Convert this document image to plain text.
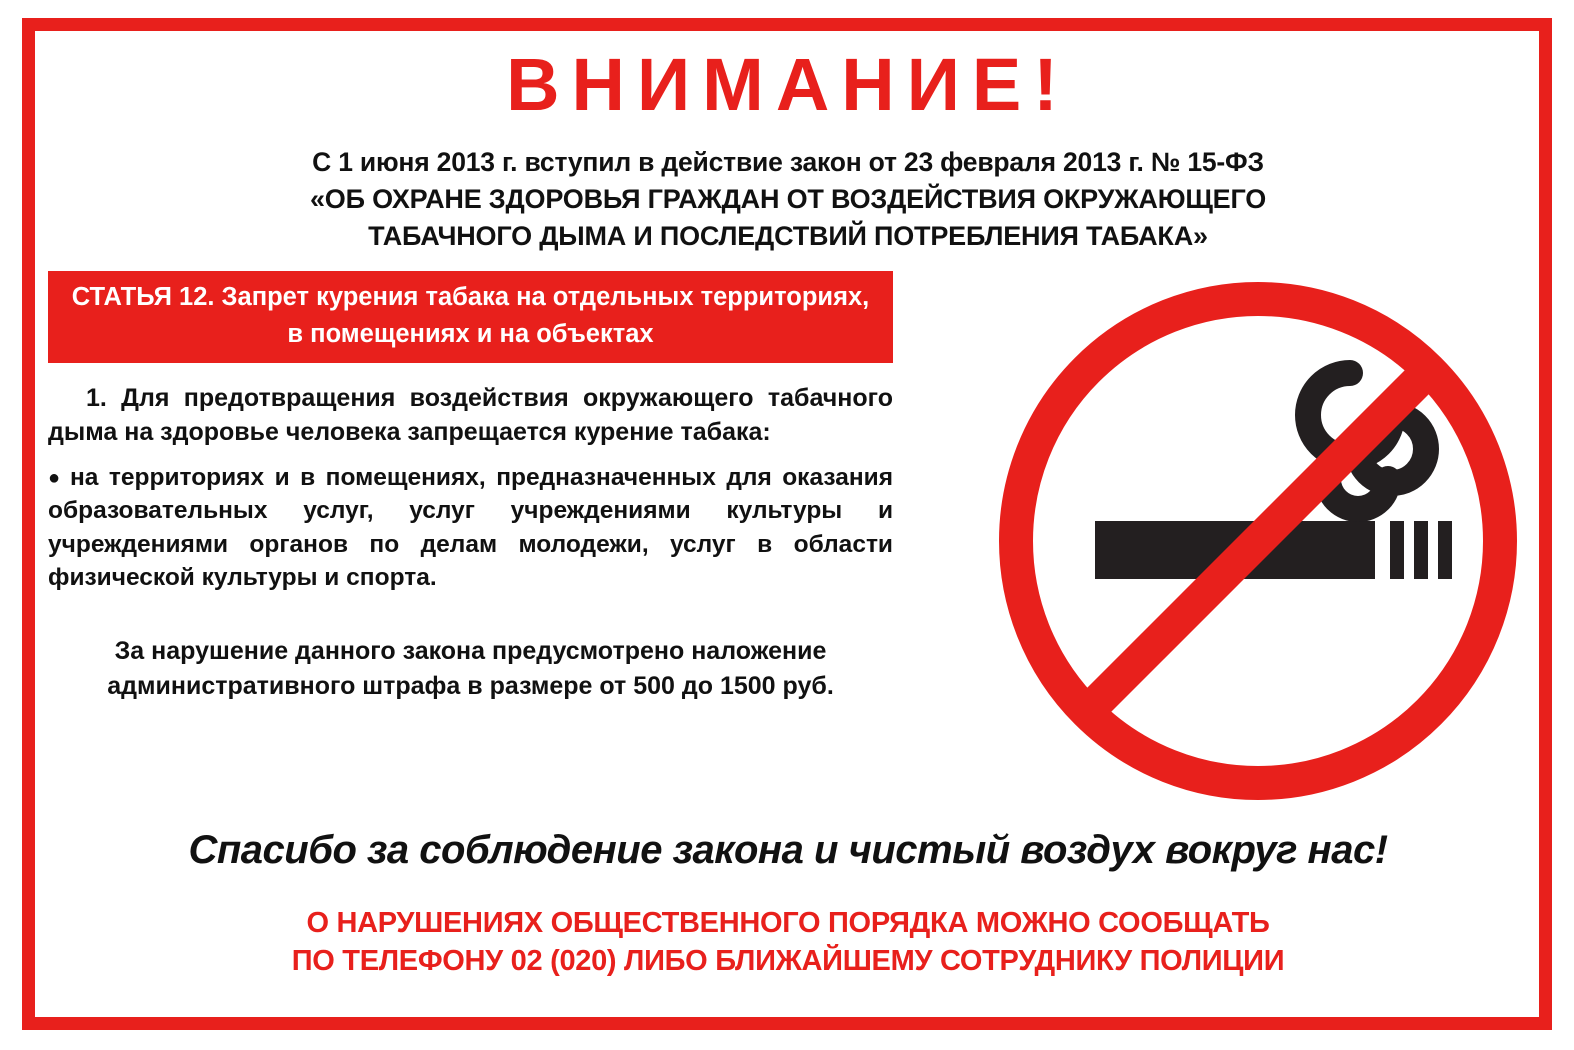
ВНИМАНИЕ!
С 1 июня 2013 г. вступил в действие закон от 23 февраля 2013 г. № 15-ФЗ
«ОБ ОХРАНЕ ЗДОРОВЬЯ ГРАЖДАН ОТ ВОЗДЕЙСТВИЯ ОКРУЖАЮЩЕГО
ТАБАЧНОГО ДЫМА И ПОСЛЕДСТВИЙ ПОТРЕБЛЕНИЯ ТАБАКА»
СТАТЬЯ 12. Запрет курения табака на отдельных территориях, в помещениях и на объектах
1. Для предотвращения воздействия окружающего табачного дыма на здоровье человека запрещается курение табака:
● на территориях и в помещениях, предназначенных для оказания образовательных услуг, услуг учреждениями культуры и учреждениями органов по делам молодежи, услуг в области физической культуры и спорта.
За нарушение данного закона предусмотрено наложение административного штрафа в размере от 500 до 1500 руб.
Спасибо за соблюдение закона и чистый воздух вокруг нас!
О НАРУШЕНИЯХ ОБЩЕСТВЕННОГО ПОРЯДКА МОЖНО СООБЩАТЬ
ПО ТЕЛЕФОНУ 02 (020) ЛИБО БЛИЖАЙШЕМУ СОТРУДНИКУ ПОЛИЦИИ
